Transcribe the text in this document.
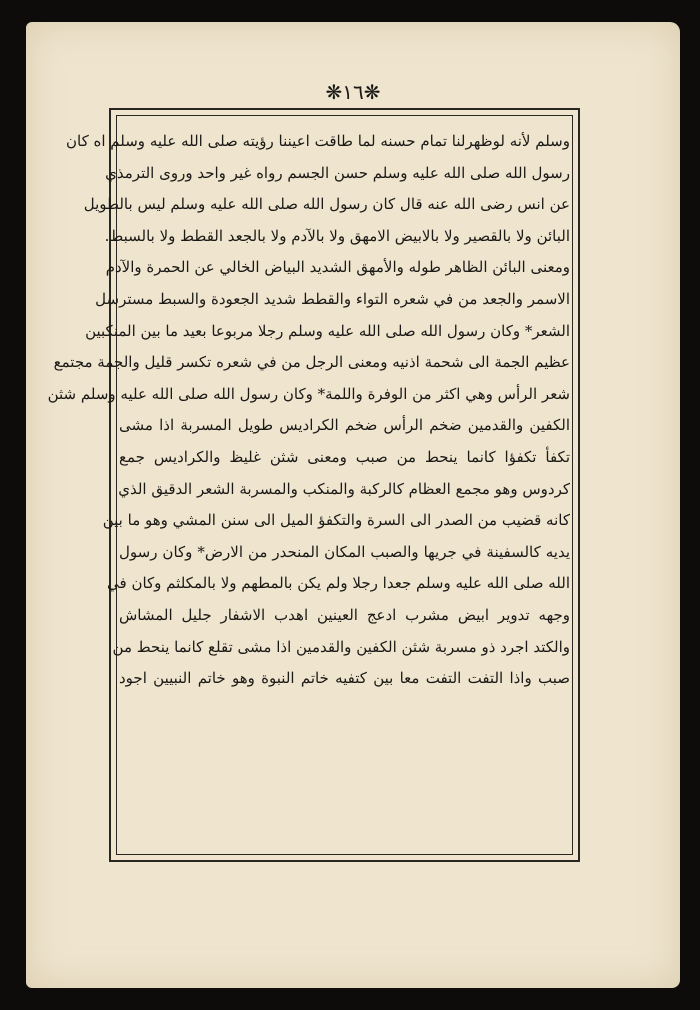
❋١٦❋
وسلم لأنه لوظهرلنا تمام حسنه لما طاقت اعيننا رؤيته صلى الله عليه وسلم اه كان
رسول الله صلى الله عليه وسلم حسن الجسم رواه غير واحد وروى الترمذي
عن انس رضى الله عنه قال كان رسول الله صلى الله عليه وسلم ليس بالطويل
البائن ولا بالقصير ولا بالابيض الامهق ولا بالآدم ولا بالجعد القطط ولا بالسبط.
ومعنى البائن الظاهر طوله والأمهق الشديد البياض الخالي عن الحمرة والآدم
الاسمر والجعد من في شعره التواء والقطط شديد الجعودة والسبط مسترسل
الشعر* وكان رسول الله صلى الله عليه وسلم رجلا مربوعا بعيد ما بين المنكبين
عظيم الجمة الى شحمة اذنيه ومعنى الرجل من في شعره تكسر قليل والجمة مجتمع
شعر الرأس وهي اكثر من الوفرة واللمة* وكان رسول الله صلى الله عليه وسلم شثن
الكفين والقدمين ضخم الرأس ضخم الكراديس طويل المسربة اذا مشى
تكفأ تكفؤا كانما ينحط من صبب ومعنى شثن غليظ والكراديس جمع
كردوس وهو مجمع العظام كالركبة والمنكب والمسربة الشعر الدقيق الذي
كانه قضيب من الصدر الى السرة والتكفؤ الميل الى سنن المشي وهو ما بين
يديه كالسفينة في جريها والصبب المكان المنحدر من الارض* وكان رسول
الله صلى الله عليه وسلم جعدا رجلا ولم يكن بالمطهم ولا بالمكلثم وكان في
وجهه تدوير ابيض مشرب ادعج العينين اهدب الاشفار جليل المشاش
والكتد اجرد ذو مسربة شثن الكفين والقدمين اذا مشى تقلع كانما ينحط من
صبب واذا التفت التفت معا بين كتفيه خاتم النبوة وهو خاتم النبيين اجود
